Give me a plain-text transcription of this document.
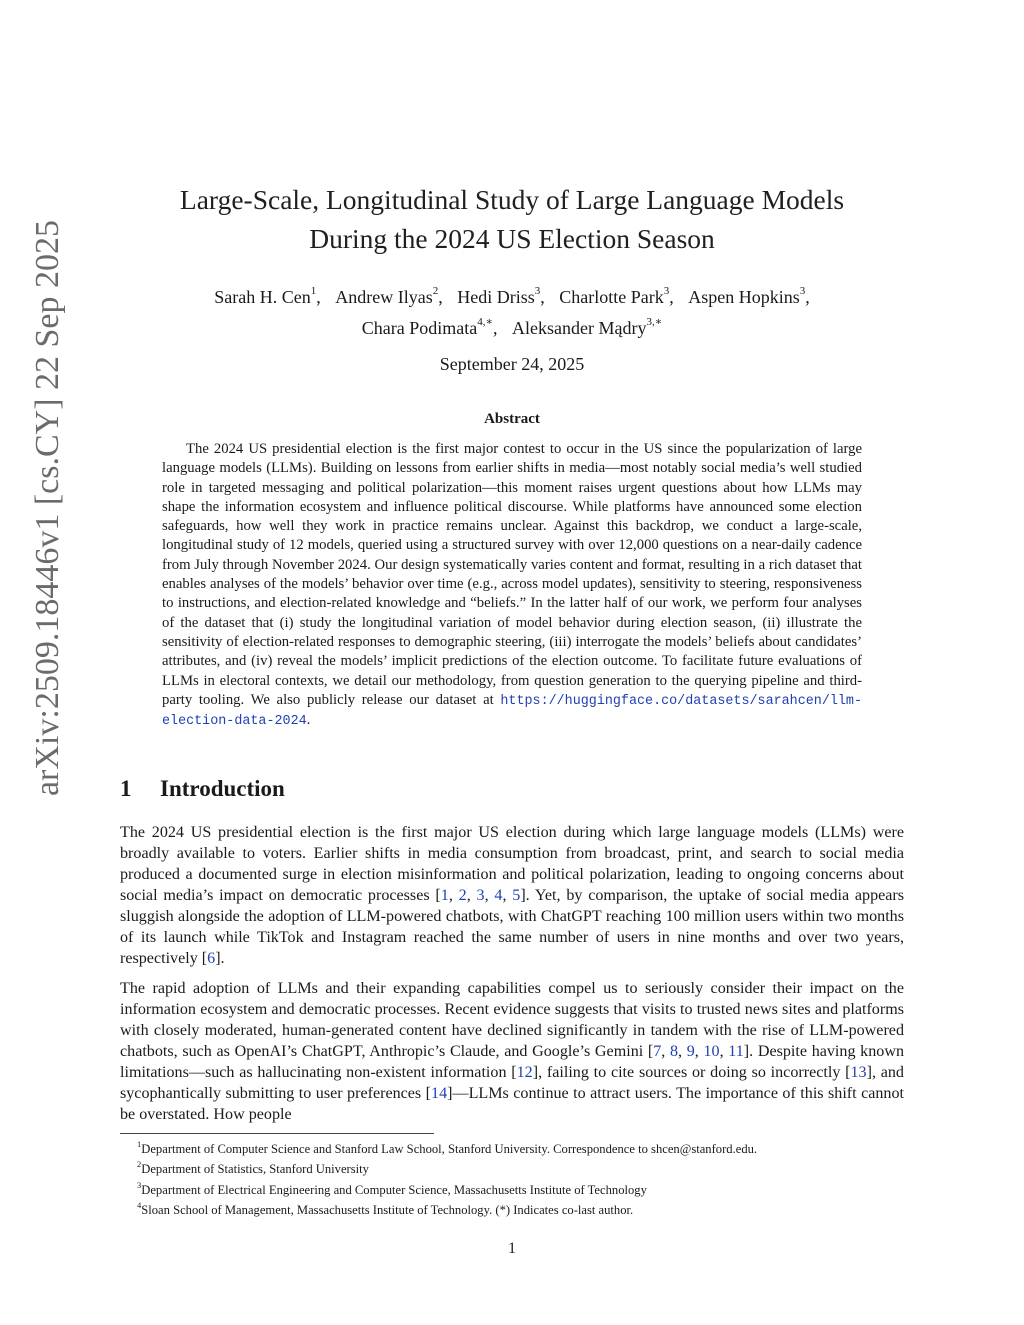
arXiv:2509.18446v1 [cs.CY] 22 Sep 2025
Large-Scale, Longitudinal Study of Large Language Models
During the 2024 US Election Season
Sarah H. Cen$^1$, Andrew Ilyas$^2$, Hedi Driss$^3$, Charlotte Park$^3$, Aspen Hopkins$^3$,
Chara Podimata$^{4,∗}$, Aleksander Mądry$^{3,∗}$
September 24, 2025
Abstract
The 2024 US presidential election is the first major contest to occur in the US since the popularization of large language models (LLMs). Building on lessons from earlier shifts in media—most notably social media’s well studied role in targeted messaging and political polarization—this moment raises urgent questions about how LLMs may shape the information ecosystem and influence political discourse. While platforms have announced some election safeguards, how well they work in practice remains unclear. Against this backdrop, we conduct a large-scale, longitudinal study of 12 models, queried using a structured survey with over 12,000 questions on a near-daily cadence from July through November 2024. Our design systematically varies content and format, resulting in a rich dataset that enables analyses of the models’ behavior over time (e.g., across model updates), sensitivity to steering, responsiveness to instructions, and election-related knowledge and “beliefs.” In the latter half of our work, we perform four analyses of the dataset that (i) study the longitudinal variation of model behavior during election season, (ii) illustrate the sensitivity of election-related responses to demographic steering, (iii) interrogate the models’ beliefs about candidates’ attributes, and (iv) reveal the models’ implicit predictions of the election outcome. To facilitate future evaluations of LLMs in electoral contexts, we detail our methodology, from question generation to the querying pipeline and third-party tooling. We also publicly release our dataset at https://huggingface.co/datasets/sarahcen/llm-election-data-2024.
1 Introduction
The 2024 US presidential election is the first major US election during which large language models (LLMs) were broadly available to voters. Earlier shifts in media consumption from broadcast, print, and search to social media produced a documented surge in election misinformation and political polarization, leading to ongoing concerns about social media’s impact on democratic processes [1, 2, 3, 4, 5]. Yet, by comparison, the uptake of social media appears sluggish alongside the adoption of LLM-powered chatbots, with ChatGPT reaching 100 million users within two months of its launch while TikTok and Instagram reached the same number of users in nine months and over two years, respectively [6].
The rapid adoption of LLMs and their expanding capabilities compel us to seriously consider their impact on the information ecosystem and democratic processes. Recent evidence suggests that visits to trusted news sites and platforms with closely moderated, human-generated content have declined significantly in tandem with the rise of LLM-powered chatbots, such as OpenAI’s ChatGPT, Anthropic’s Claude, and Google’s Gemini [7, 8, 9, 10, 11]. Despite having known limitations—such as hallucinating non-existent information [12], failing to cite sources or doing so incorrectly [13], and sycophantically submitting to user preferences [14]—LLMs continue to attract users. The importance of this shift cannot be overstated. How people
$^1$Department of Computer Science and Stanford Law School, Stanford University. Correspondence to shcen@stanford.edu.
$^2$Department of Statistics, Stanford University
$^3$Department of Electrical Engineering and Computer Science, Massachusetts Institute of Technology
$^4$Sloan School of Management, Massachusetts Institute of Technology. (*) Indicates co-last author.
1
